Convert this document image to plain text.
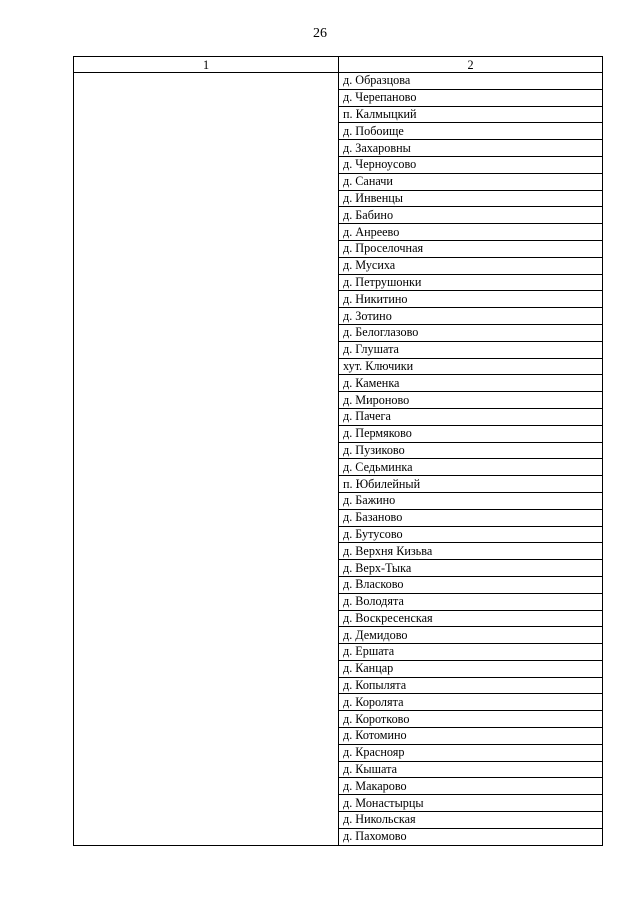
26
1	2
	д. Образцова
	д. Черепаново
	п. Калмыцкий
	д. Побоище
	д. Захаровны
	д. Черноусово
	д. Саначи
	д. Инвенцы
	д. Бабино
	д. Анреево
	д. Проселочная
	д. Мусиха
	д. Петрушонки
	д. Никитино
	д. Зотино
	д. Белоглазово
	д. Глушата
	хут. Ключики
	д. Каменка
	д. Мироново
	д. Пачега
	д. Пермяково
	д. Пузиково
	д. Седьминка
	п. Юбилейный
	д. Бажино
	д. Базаново
	д. Бутусово
	д. Верхня Кизьва
	д. Верх-Тыка
	д. Власково
	д. Володята
	д. Воскресенская
	д. Демидово
	д. Ершата
	д. Канцар
	д. Копылята
	д. Королята
	д. Коротково
	д. Котомино
	д. Краснояр
	д. Кышата
	д. Макарово
	д. Монастырцы
	д. Никольская
	д. Пахомово
